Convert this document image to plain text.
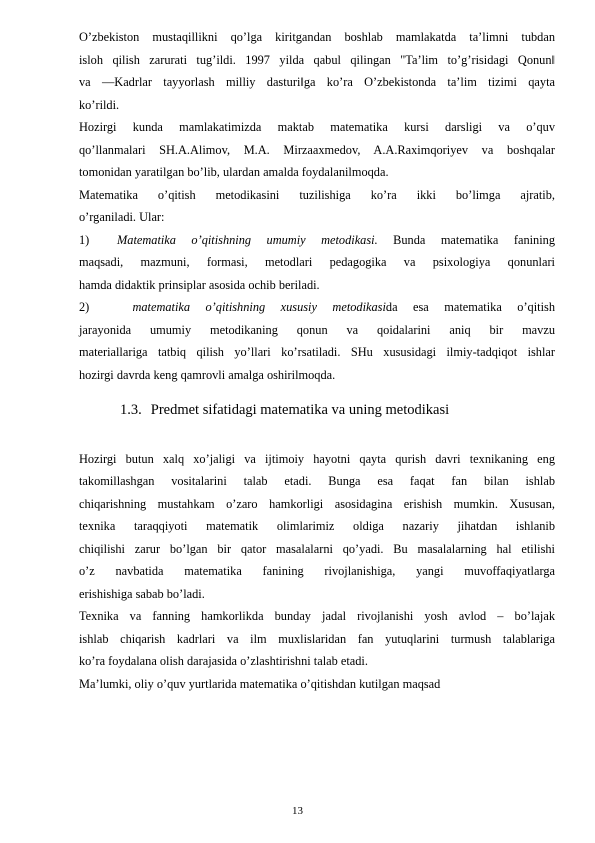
O’zbekiston mustaqillikni qo’lga kiritgandan boshlab mamlakatda ta’limni tubdan
isloh qilish zarurati tug’ildi. 1997 yilda qabul qilingan "Ta’lim to’g’risidagi Qonun‖
va ―Kadrlar tayyorlash milliy dasturi‖ga ko’ra O’zbekistonda ta’lim tizimi qayta
ko’rildi.
Hozirgi kunda mamlakatimizda maktab matematika kursi darsligi va o’quv
qo’llanmalari SH.A.Alimov, M.A. Mirzaaxmedov, A.A.Raximqoriyev va boshqalar
tomonidan yaratilgan bo’lib, ulardan amalda foydalanilmoqda.
Matematika o’qitish metodikasini tuzilishiga ko’ra ikki bo’limga ajratib,
o’rganiladi. Ular:
1) Matematika o’qitishning umumiy metodikasi. Bunda matematika fanining
maqsadi, mazmuni, formasi, metodlari pedagogika va psixologiya qonunlari
hamda didaktik prinsiplar asosida ochib beriladi.
2) matematika o’qitishning xususiy metodikasida esa matematika o’qitish
jarayonida umumiy metodikaning qonun va qoidalarini aniq bir mavzu
materiallariga tatbiq qilish yo’llari ko’rsatiladi. SHu xususidagi ilmiy-tadqiqot ishlar
hozirgi davrda keng qamrovli amalga oshirilmoqda.
1.3. Predmet sifatidagi matematika va uning metodikasi
Hozirgi butun xalq xo’jaligi va ijtimoiy hayotni qayta qurish davri texnikaning eng
takomillashgan vositalarini talab etadi. Bunga esa faqat fan bilan ishlab
chiqarishning mustahkam o’zaro hamkorligi asosidagina erishish mumkin. Xususan,
texnika taraqqiyoti matematik olimlarimiz oldiga nazariy jihatdan ishlanib
chiqilishi zarur bo’lgan bir qator masalalarni qo’yadi. Bu masalalarning hal etilishi
o’z navbatida matematika fanining rivojlanishiga, yangi muvoffaqiyatlarga
erishishiga sabab bo’ladi.
Texnika va fanning hamkorlikda bunday jadal rivojlanishi yosh avlod – bo’lajak
ishlab chiqarish kadrlari va ilm muxlislaridan fan yutuqlarini turmush talablariga
ko’ra foydalana olish darajasida o’zlashtirishni talab etadi.
Ma’lumki, oliy o’quv yurtlarida matematika o’qitishdan kutilgan maqsad
13
